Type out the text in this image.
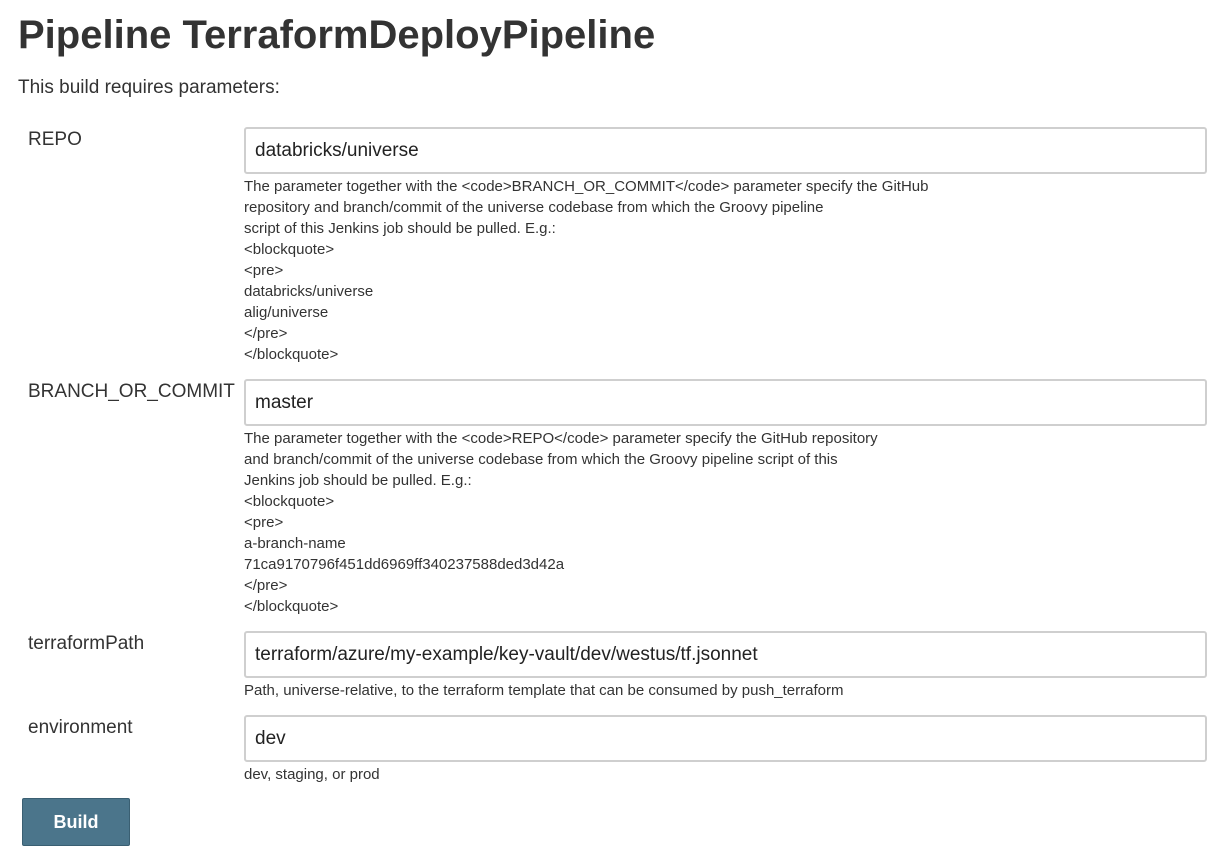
Pipeline TerraformDeployPipeline
This build requires parameters:
REPO
databricks/universe
The parameter together with the <code>BRANCH_OR_COMMIT</code> parameter specify the GitHub
repository and branch/commit of the universe codebase from which the Groovy pipeline
script of this Jenkins job should be pulled. E.g.:
<blockquote>
<pre>
databricks/universe
alig/universe
</pre>
</blockquote>
BRANCH_OR_COMMIT
master
The parameter together with the <code>REPO</code> parameter specify the GitHub repository
and branch/commit of the universe codebase from which the Groovy pipeline script of this
Jenkins job should be pulled. E.g.:
<blockquote>
<pre>
a-branch-name
71ca9170796f451dd6969ff340237588ded3d42a
</pre>
</blockquote>
terraformPath
terraform/azure/my-example/key-vault/dev/westus/tf.jsonnet
Path, universe-relative, to the terraform template that can be consumed by push_terraform
environment
dev
dev, staging, or prod
Build
